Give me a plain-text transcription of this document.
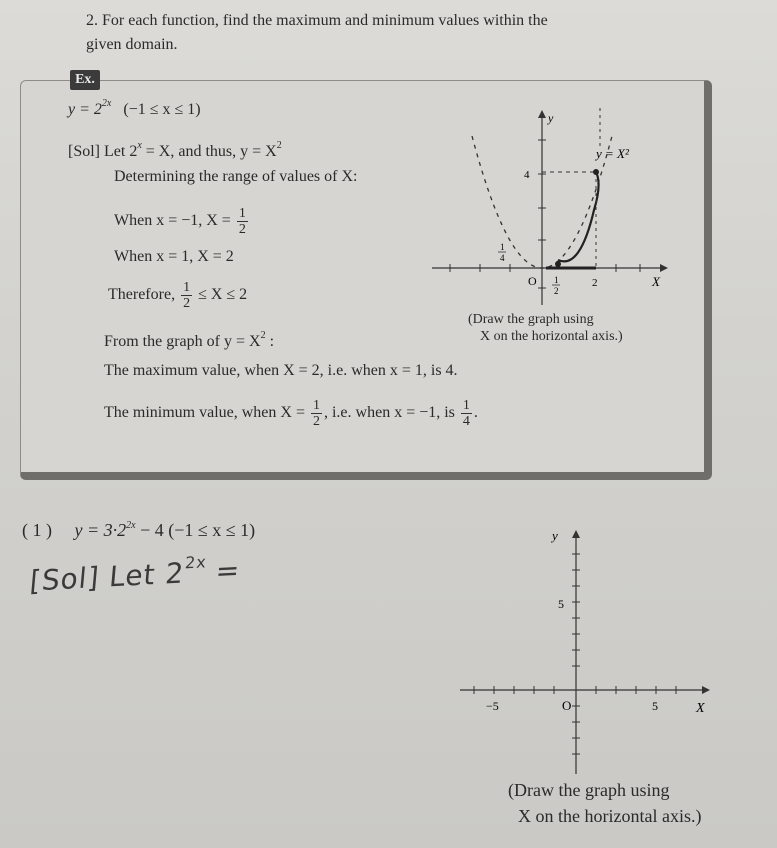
2. For each function, find the maximum and minimum values within the
given domain.
Ex.
$y = 2^{2x}$ (−1 ≤ x ≤ 1)
[Sol] Let $2^x = X$, and thus, $y = X^2$
Determining the range of values of X:
When x = −1, $X = \frac{1}{2}$
When x = 1, X = 2
Therefore, $\frac{1}{2} \le X \le 2$
From the graph of $y = X^2$ :
The maximum value, when X = 2, i.e. when x = 1, is 4.
The minimum value, when $X = \frac{1}{2}$ , i.e. when x = −1, is $\frac{1}{4}$ .
(Draw the graph using
X on the horizontal axis.)
y
y = X²
4
1
4
O 1
2
2	X
( 1 ) $y = 3\cdot 2^{2x} - 4$ (−1 ≤ x ≤ 1)
[Sol] Let $2^{2x}$ =
y
5
−5	O	5	X
(Draw the graph using
X on the horizontal axis.)
